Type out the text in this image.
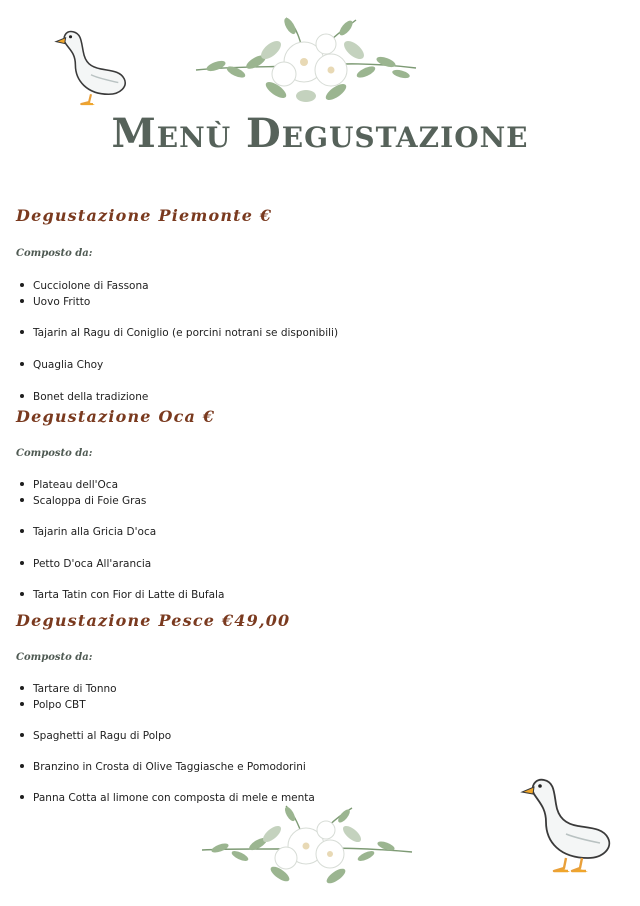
Menù Degustazione
Degustazione Piemonte €
Composto da:
Cucciolone di Fassona
Uovo Fritto
Tajarin al Ragu di Coniglio (e porcini notrani se disponibili)
Quaglia Choy
Bonet della tradizione
Degustazione Oca €
Composto da:
Plateau dell'Oca
Scaloppa di Foie Gras
Tajarin alla Gricia D'oca
Petto D'oca All'arancia
Tarta Tatin con Fior di Latte di Bufala
Degustazione Pesce €49,00
Composto da:
Tartare di Tonno
Polpo CBT
Spaghetti al Ragu di Polpo
Branzino in Crosta di Olive Taggiasche e Pomodorini
Panna Cotta al limone con composta di mele e menta
